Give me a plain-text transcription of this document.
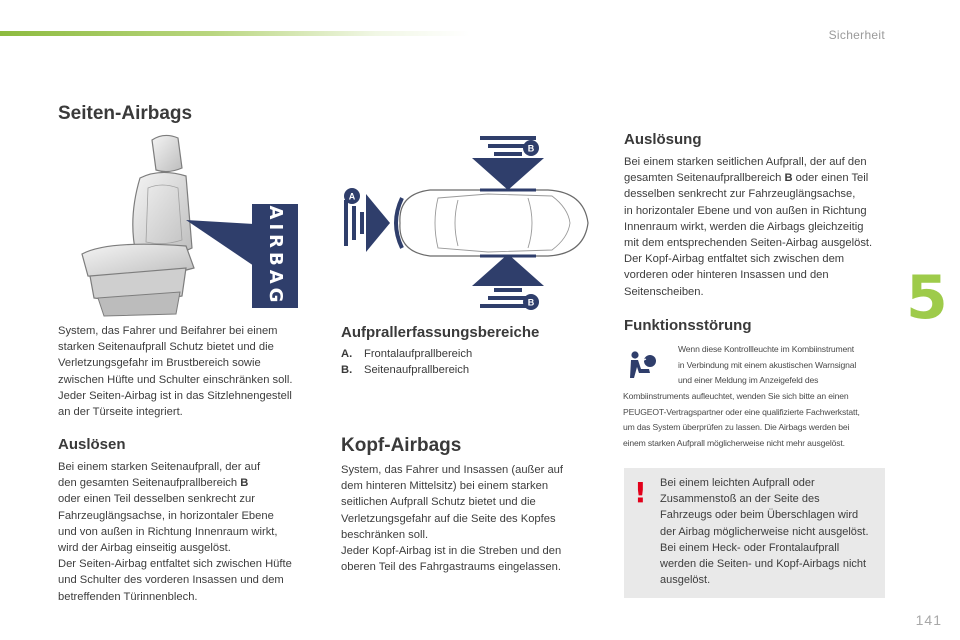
Sicherheit
5
Seiten-Airbags
AIRBAG
System, das Fahrer und Beifahrer bei einem
starken Seitenaufprall Schutz bietet und die
Verletzungsgefahr im Brustbereich sowie
zwischen Hüfte und Schulter einschränken soll.
Jeder Seiten-Airbag ist in das Sitzlehnengestell
an der Türseite integriert.
Auslösen
Bei einem starken Seitenaufprall, der auf
den gesamten Seitenaufprallbereich B
oder einen Teil desselben senkrecht zur
Fahrzeuglängsachse, in horizontaler Ebene
und von außen in Richtung Innenraum wirkt,
wird der Airbag einseitig ausgelöst.
Der Seiten-Airbag entfaltet sich zwischen Hüfte
und Schulter des vorderen Insassen und dem
betreffenden Türinnenblech.
B
B
A
Aufprallerfassungsbereiche
A.	Frontalaufprallbereich
B.	Seitenaufprallbereich
Kopf-Airbags
System, das Fahrer und Insassen (außer auf
dem hinteren Mittelsitz) bei einem starken
seitlichen Aufprall Schutz bietet und die
Verletzungsgefahr auf die Seite des Kopfes
beschränken soll.
Jeder Kopf-Airbag ist in die Streben und den
oberen Teil des Fahrgastraums eingelassen.
Auslösung
Bei einem starken seitlichen Aufprall, der auf den
gesamten Seitenaufprallbereich B oder einen Teil
desselben senkrecht zur Fahrzeuglängsachse,
in horizontaler Ebene und von außen in Richtung
Innenraum wirkt, werden die Airbags gleichzeitig
mit dem entsprechenden Seiten-Airbag ausgelöst.
Der Kopf-Airbag entfaltet sich zwischen dem
vorderen oder hinteren Insassen und den
Seitenscheiben.
Funktionsstörung
Wenn diese Kontrollleuchte im Kombiinstrument
in Verbindung mit einem akustischen Warnsignal
und einer Meldung im Anzeigefeld des
Kombiinstruments aufleuchtet, wenden Sie sich bitte an einen
PEUGEOT-Vertragspartner oder eine qualifizierte Fachwerkstatt,
um das System überprüfen zu lassen. Die Airbags werden bei
einem starken Aufprall möglicherweise nicht mehr ausgelöst.
! Bei einem leichten Aufprall oder
Zusammenstoß an der Seite des
Fahrzeugs oder beim Überschlagen wird
der Airbag möglicherweise nicht ausgelöst.
Bei einem Heck- oder Frontalaufprall
werden die Seiten- und Kopf-Airbags nicht
ausgelöst.
141
